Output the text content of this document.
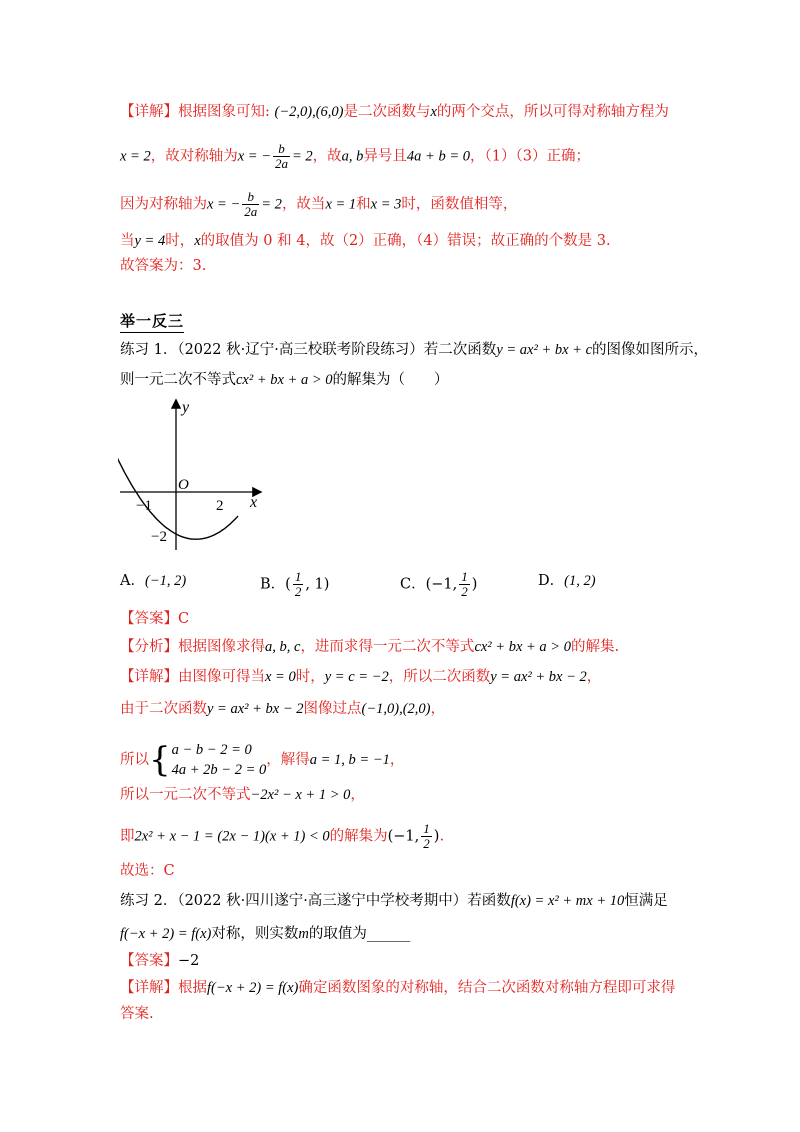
【详解】根据图象可知: (−2,0),(6,0)是二次函数与x的两个交点，所以可得对称轴方程为
x = 2，故对称轴为x = − $\frac{b}{2a} = 2$，故a, b异号且4a + b = 0，（1）（3）正确；
因为对称轴为x = − $\frac{b}{2a} = 2$，故当x = 1和x = 3时，函数值相等，
当y = 4时，x的取值为 0 和 4，故（2）正确，（4）错误；故正确的个数是 3.
故答案为：3.
举一反三
练习 1．（2022 秋·辽宁·高三校联考阶段练习）若二次函数y = ax² + bx + c的图像如图所示，
则一元二次不等式cx² + bx + a > 0的解集为（　　）
y
x
O
−1	2
−2
A．(−1, 2)	B．( $\frac{1}{2}$ , 1)	C．(−1, $\frac{1}{2}$ )	D．(1, 2)
【答案】C
【分析】根据图像求得a, b, c，进而求得一元二次不等式cx² + bx + a > 0的解集.
【详解】由图像可得当x = 0时，y = c = −2，所以二次函数y = ax² + bx − 2，
由于二次函数y = ax² + bx − 2图像过点(−1,0),(2,0)，
所以{ a − b − 2 = 0
4a + 2b − 2 = 0
，解得a = 1, b = −1，
所以一元二次不等式−2x² − x + 1 > 0，
即2x² + x − 1 = (2x − 1)(x + 1) < 0的解集为(−1, $\frac{1}{2}$ ).
故选：C
练习 2．（2022 秋·四川遂宁·高三遂宁中学校考期中）若函数f(x) = x² + mx + 10恒满足
f(−x + 2) = f(x)对称，则实数m的取值为______
【答案】−2
【详解】根据f(−x + 2) = f(x)确定函数图象的对称轴，结合二次函数对称轴方程即可求得
答案.
